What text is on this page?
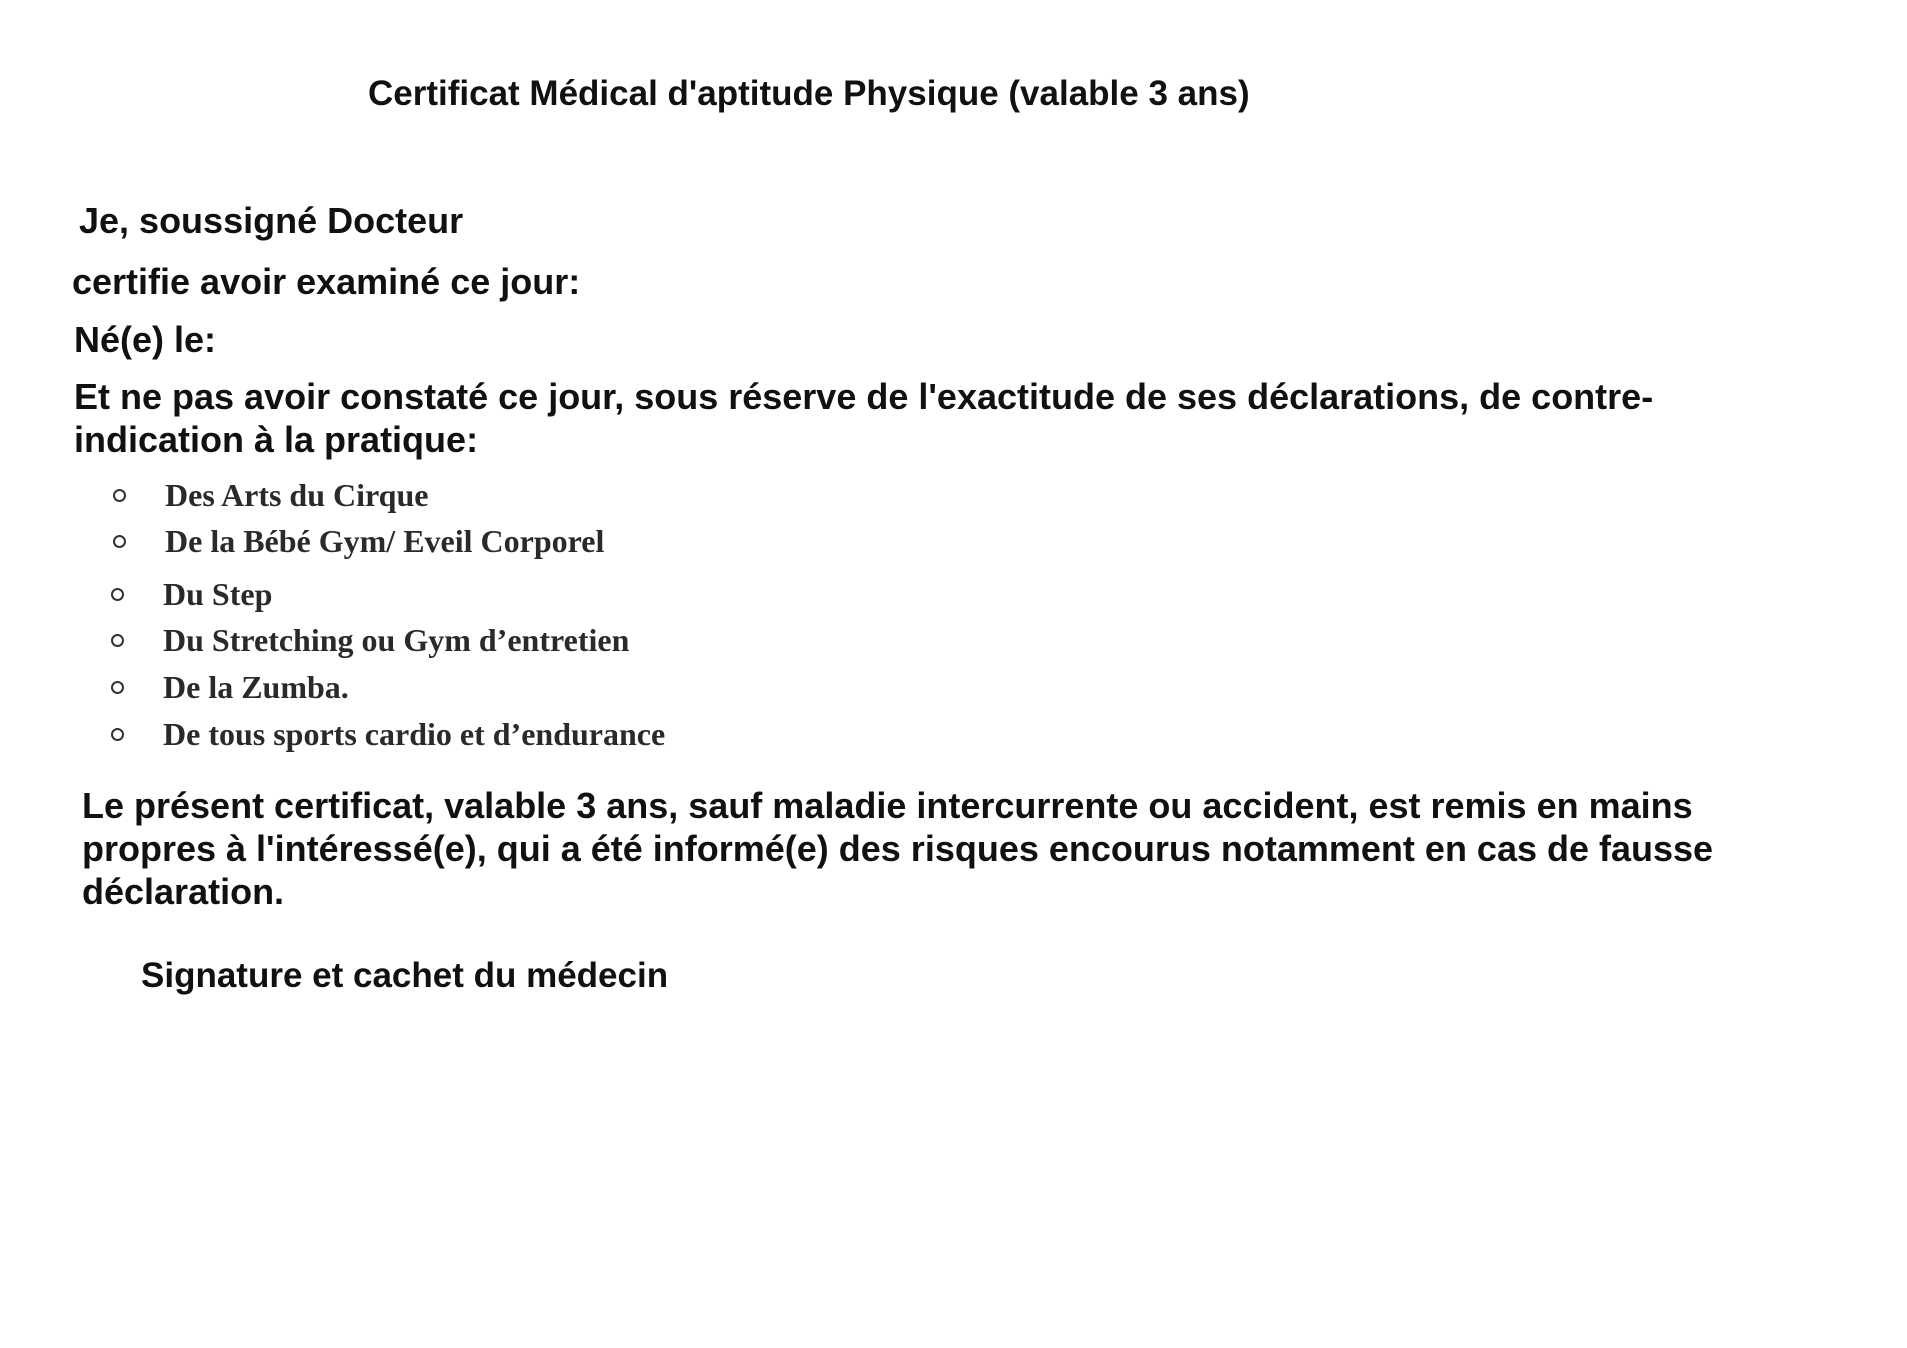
Certificat Médical d'aptitude Physique (valable 3 ans)
Je, soussigné Docteur
certifie avoir examiné ce jour:
Né(e) le:
Et ne pas avoir constaté ce jour, sous réserve de l'exactitude de ses déclarations, de contre-indication à la pratique:
Des Arts du Cirque
De la Bébé Gym/ Eveil Corporel
Du Step
Du Stretching ou Gym d’entretien
De la Zumba.
De tous sports cardio et d’endurance
Le présent certificat, valable 3 ans, sauf maladie intercurrente ou accident, est remis en mains propres à l'intéressé(e), qui a été informé(e) des risques encourus notamment en cas de fausse déclaration.
Signature et cachet du médecin
